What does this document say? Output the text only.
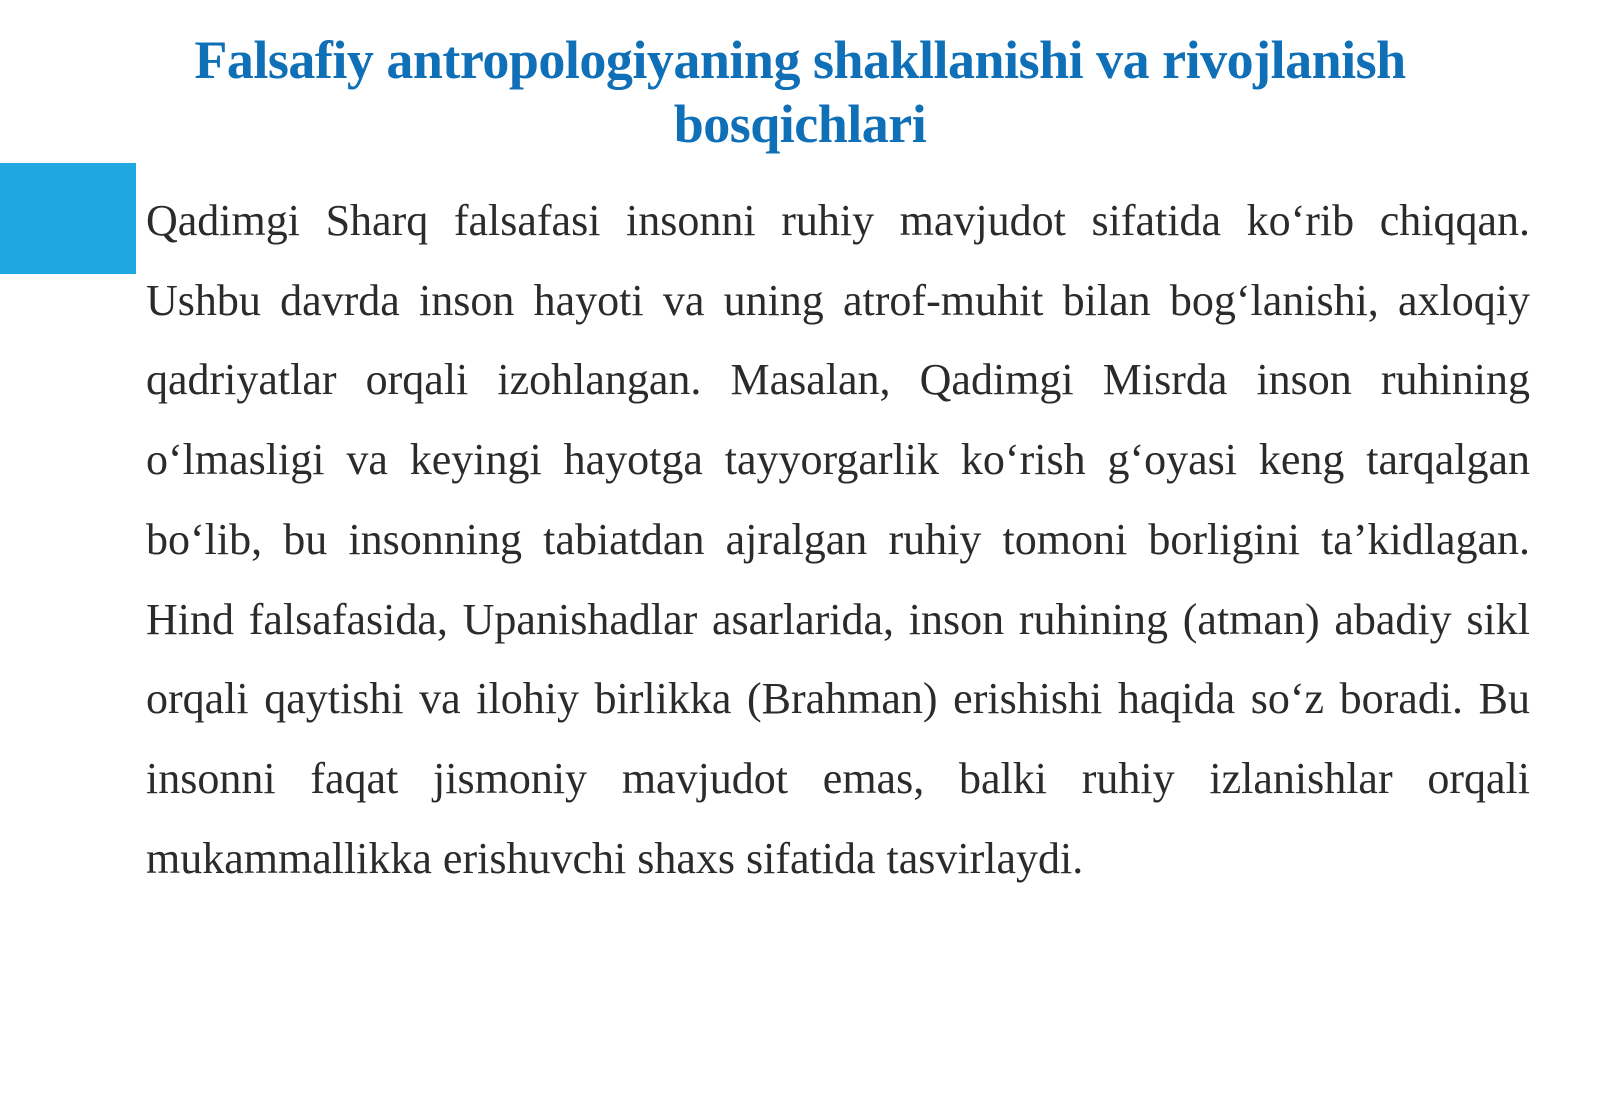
Falsafiy antropologiyaning shakllanishi va rivojlanish bosqichlari

Qadimgi Sharq falsafasi insonni ruhiy mavjudot sifatida ko‘rib chiqqan. Ushbu davrda inson hayoti va uning atrof-muhit bilan bog‘lanishi, axloqiy qadriyatlar orqali izohlangan. Masalan, Qadimgi Misrda inson ruhining o‘lmasligi va keyingi hayotga tayyorgarlik ko‘rish g‘oyasi keng tarqalgan bo‘lib, bu insonning tabiatdan ajralgan ruhiy tomoni borligini ta’kidlagan. Hind falsafasida, Upanishadlar asarlarida, inson ruhining (atman) abadiy sikl orqali qaytishi va ilohiy birlikka (Brahman) erishishi haqida so‘z boradi. Bu insonni faqat jismoniy mavjudot emas, balki ruhiy izlanishlar orqali mukammallikka erishuvchi shaxs sifatida tasvirlaydi.
